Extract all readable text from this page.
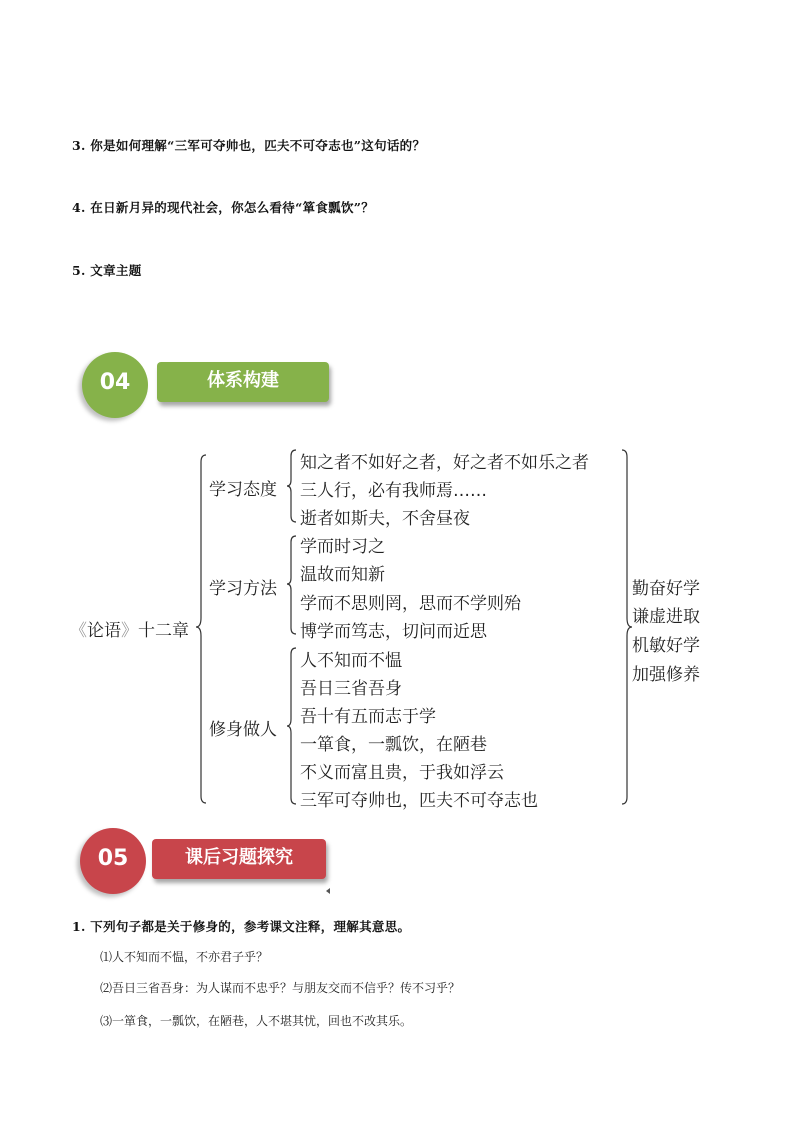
3. 你是如何理解“三军可夺帅也，匹夫不可夺志也”这句话的？
4. 在日新月异的现代社会，你怎么看待“箪食瓢饮”？
5. 文章主题
04	体系构建
《论语》十二章
学习态度
学习方法
修身做人
知之者不如好之者，好之者不如乐之者
三人行，必有我师焉……
逝者如斯夫，不舍昼夜
学而时习之
温故而知新
学而不思则罔，思而不学则殆
博学而笃志，切问而近思
人不知而不愠
吾日三省吾身
吾十有五而志于学
一箪食，一瓢饮，在陋巷
不义而富且贵，于我如浮云
三军可夺帅也，匹夫不可夺志也
勤奋好学
谦虚进取
机敏好学
加强修养
05	课后习题探究
1. 下列句子都是关于修身的，参考课文注释，理解其意思。
⑴人不知而不愠，不亦君子乎？
⑵吾日三省吾身：为人谋而不忠乎？与朋友交而不信乎？传不习乎？
⑶一箪食，一瓢饮，在陋巷，人不堪其忧，回也不改其乐。
